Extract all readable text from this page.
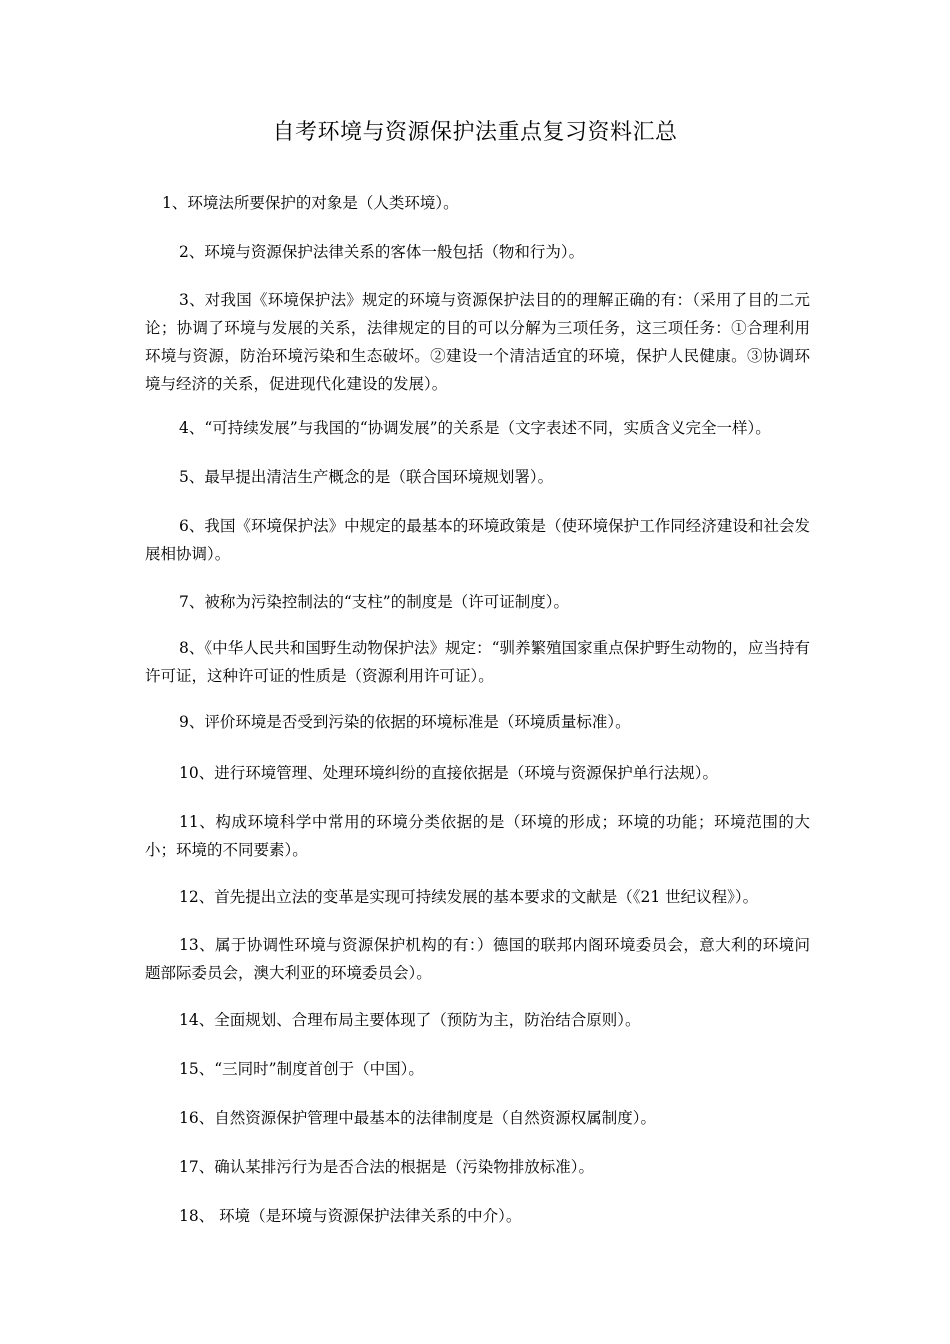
自考环境与资源保护法重点复习资料汇总

1、环境法所要保护的对象是（人类环境）。

2、环境与资源保护法律关系的客体一般包括（物和行为）。

3、对我国《环境保护法》规定的环境与资源保护法目的的理解正确的有：（采用了目的二元论；协调了环境与发展的关系，法律规定的目的可以分解为三项任务，这三项任务：①合理利用环境与资源，防治环境污染和生态破坏。②建设一个清洁适宜的环境，保护人民健康。③协调环境与经济的关系，促进现代化建设的发展）。

4、“可持续发展”与我国的“协调发展”的关系是（文字表述不同，实质含义完全一样）。

5、最早提出清洁生产概念的是（联合国环境规划署）。

6、我国《环境保护法》中规定的最基本的环境政策是（使环境保护工作同经济建设和社会发展相协调）。

7、被称为污染控制法的“支柱”的制度是（许可证制度）。

8、《中华人民共和国野生动物保护法》规定：“驯养繁殖国家重点保护野生动物的，应当持有许可证，这种许可证的性质是（资源利用许可证）。

9、评价环境是否受到污染的依据的环境标准是（环境质量标准）。

10、进行环境管理、处理环境纠纷的直接依据是（环境与资源保护单行法规）。

11、构成环境科学中常用的环境分类依据的是（环境的形成；环境的功能；环境范围的大小；环境的不同要素）。

12、首先提出立法的变革是实现可持续发展的基本要求的文献是（《21 世纪议程》）。

13、属于协调性环境与资源保护机构的有：）德国的联邦内阁环境委员会，意大利的环境问题部际委员会，澳大利亚的环境委员会）。

14、全面规划、合理布局主要体现了（预防为主，防治结合原则）。

15、“三同时”制度首创于（中国）。

16、自然资源保护管理中最基本的法律制度是（自然资源权属制度）。

17、确认某排污行为是否合法的根据是（污染物排放标准）。

18、 环境（是环境与资源保护法律关系的中介）。
